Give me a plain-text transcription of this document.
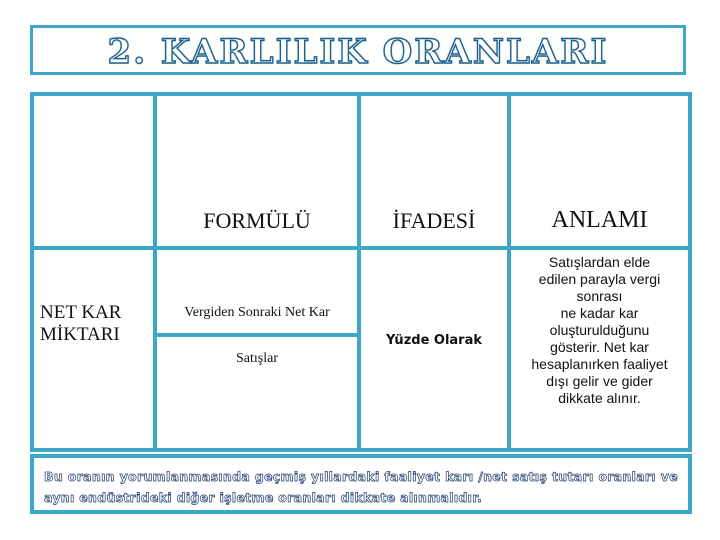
2. KARLILIK ORANLARI
FORMÜLÜ	İFADESİ	ANLAMI
NET KAR
MİKTARI
Vergiden Sonraki Net Kar
Satışlar
Yüzde Olarak
Satışlardan elde
edilen parayla vergi
sonrası
ne kadar kar
oluşturulduğunu
gösterir. Net kar
hesaplanırken faaliyet
dışı gelir ve gider
dikkate alınır.
Bu oranın yorumlanmasında geçmiş yıllardaki faaliyet karı /net satış tutarı oranları ve aynı endüstrideki diğer işletme oranları dikkate alınmalıdır.
